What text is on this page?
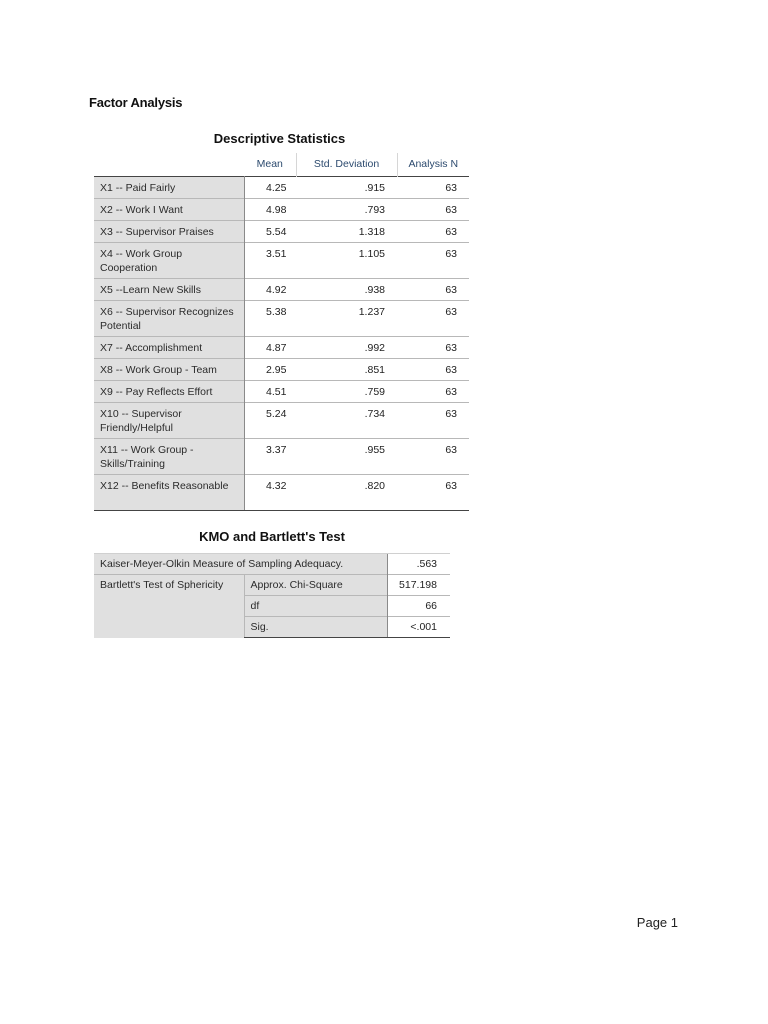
Factor Analysis
Descriptive Statistics
	Mean	Std. Deviation	Analysis N
X1 -- Paid Fairly	4.25	.915	63
X2 -- Work I Want	4.98	.793	63
X3 -- Supervisor Praises	5.54	1.318	63
X4 -- Work Group Cooperation	3.51	1.105	63
X5 --Learn New Skills	4.92	.938	63
X6 -- Supervisor Recognizes Potential	5.38	1.237	63
X7 -- Accomplishment	4.87	.992	63
X8 -- Work Group - Team	2.95	.851	63
X9 -- Pay Reflects Effort	4.51	.759	63
X10 -- Supervisor Friendly/Helpful	5.24	.734	63
X11 -- Work Group - Skills/Training	3.37	.955	63
X12 -- Benefits Reasonable	4.32	.820	63
KMO and Bartlett's Test
Kaiser-Meyer-Olkin Measure of Sampling Adequacy.		.563
Bartlett's Test of Sphericity	Approx. Chi-Square	517.198
	df	66
	Sig.	<.001
Page 1
